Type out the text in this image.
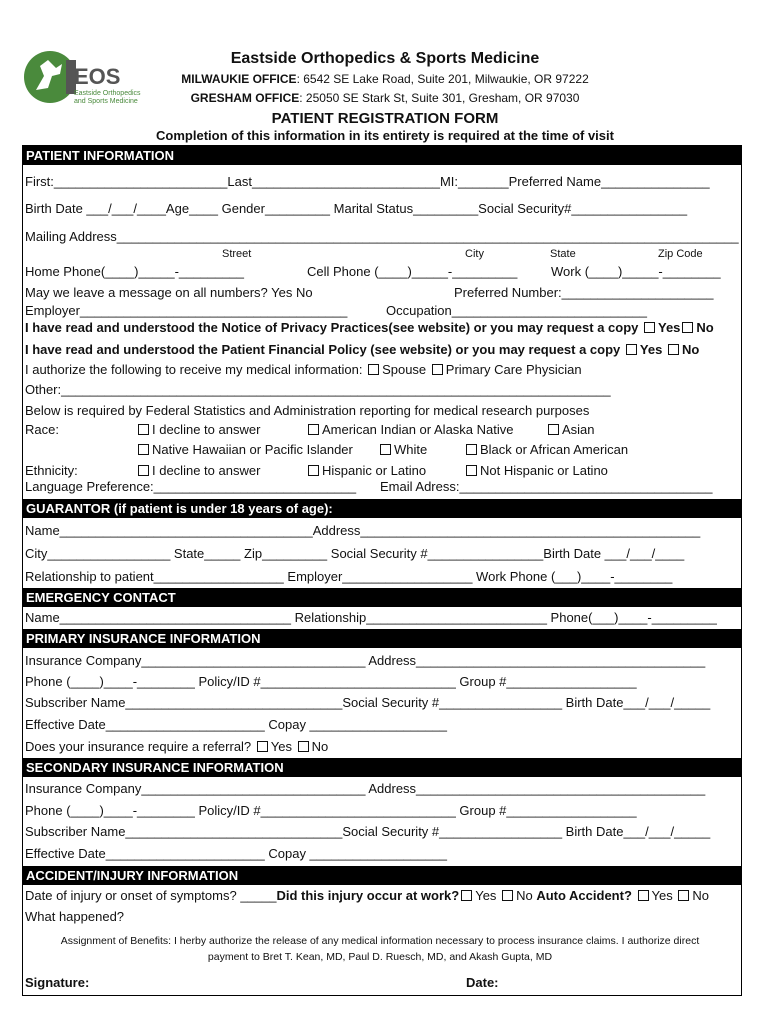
EOS
Eastside Orthopedics
and Sports Medicine
Eastside Orthopedics & Sports Medicine
MILWAUKIE OFFICE: 6542 SE Lake Road, Suite 201, Milwaukie, OR 97222
GRESHAM OFFICE: 25050 SE Stark St, Suite 301, Gresham, OR 97030
PATIENT REGISTRATION FORM
Completion of this information in its entirety is required at the time of visit
PATIENT INFORMATION
First:________________________Last__________________________MI:_______Preferred Name_______________
Birth Date ___/___/____Age____ Gender_________ Marital Status_________Social Security#________________
Mailing Address______________________________________________________________________________________
Street	City	State	Zip Code
Home Phone(____)_____-_________	Cell Phone (____)_____-_________	Work (____)_____-________
May we leave a message on all numbers? Yes No	Preferred Number:_____________________
Employer_____________________________________	Occupation___________________________
I have read and understood the Notice of Privacy Practices(see website) or you may request a copy Yes No
I have read and understood the Patient Financial Policy (see website) or you may request a copy Yes No
I authorize the following to receive my medical information: Spouse Primary Care Physician
Other:____________________________________________________________________________
Below is required by Federal Statistics and Administration reporting for medical research purposes
Race:	I decline to answer	American Indian or Alaska Native	Asian
Native Hawaiian or Pacific Islander	White	Black or African American
Ethnicity:	I decline to answer	Hispanic or Latino	Not Hispanic or Latino
Language Preference:____________________________ Email Adress:___________________________________
GUARANTOR (if patient is under 18 years of age):
Name___________________________________Address_______________________________________________
City_________________ State_____ Zip_________ Social Security #________________Birth Date ___/___/____
Relationship to patient__________________ Employer__________________ Work Phone (___)____-________
EMERGENCY CONTACT
Name________________________________ Relationship_________________________ Phone(___)____-_________
PRIMARY INSURANCE INFORMATION
Insurance Company_______________________________ Address________________________________________
Phone (____)____-________ Policy/ID #___________________________ Group #__________________
Subscriber Name______________________________Social Security #_________________ Birth Date___/___/_____
Effective Date______________________ Copay ___________________
Does your insurance require a referral? Yes No
SECONDARY INSURANCE INFORMATION
Insurance Company_______________________________ Address________________________________________
Phone (____)____-________ Policy/ID #___________________________ Group #__________________
Subscriber Name______________________________Social Security #_________________ Birth Date___/___/_____
Effective Date______________________ Copay ___________________
ACCIDENT/INJURY INFORMATION
Date of injury or onset of symptoms? _____Did this injury occur at work? Yes No Auto Accident? Yes No
What happened?
Assignment of Benefits: I herby authorize the release of any medical information necessary to process insurance claims. I authorize direct
payment to Bret T. Kean, MD, Paul D. Ruesch, MD, and Akash Gupta, MD
Signature:	Date:
